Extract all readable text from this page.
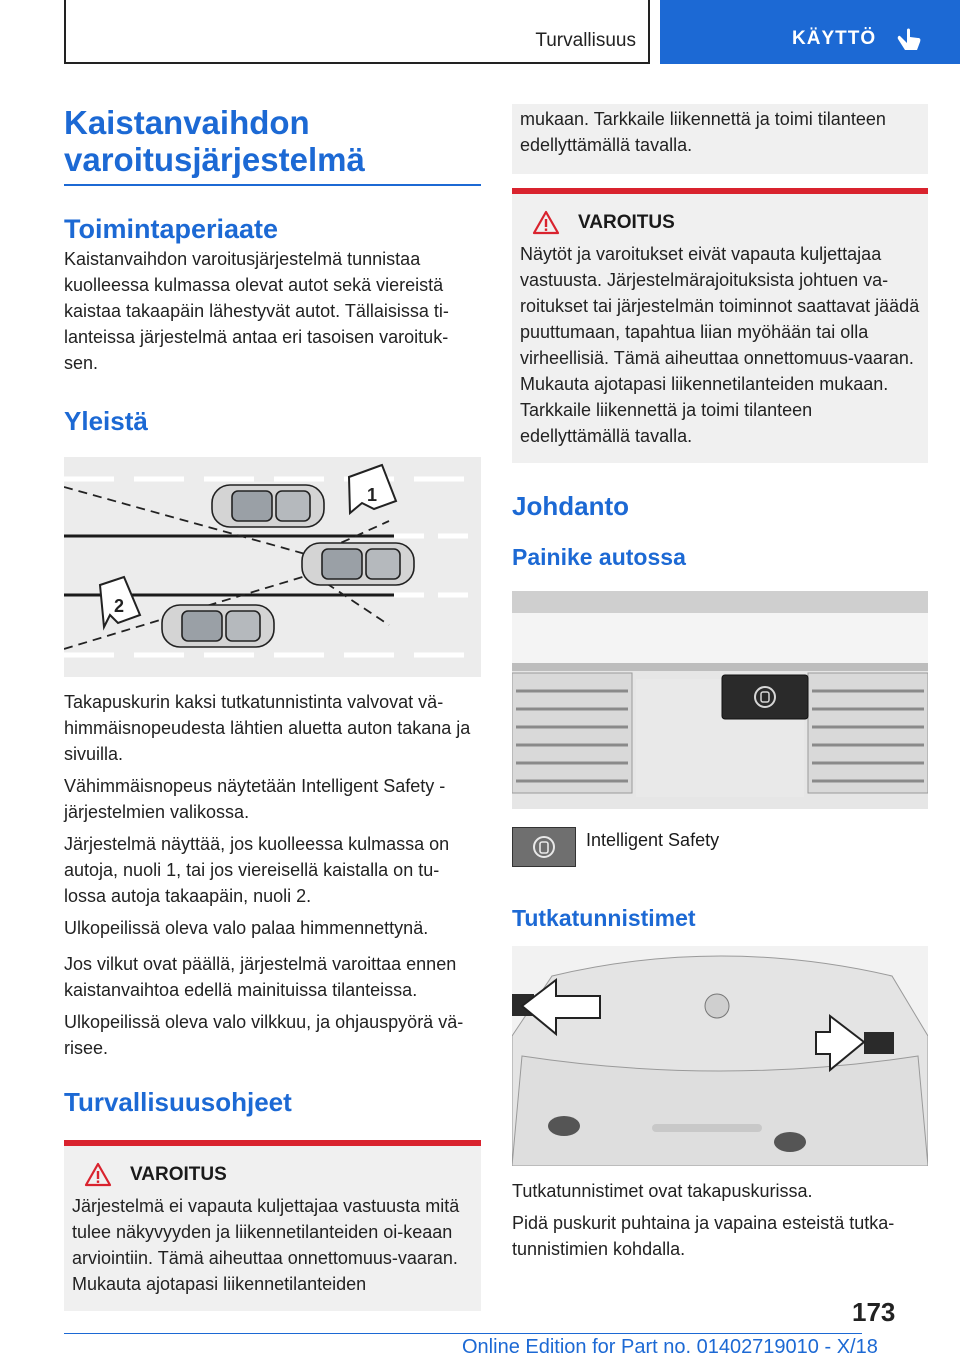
Turvallisuus	KÄYTTÖ
Kaistanvaihdon
varoitusjärjestelmä
Toimintaperiaate

Kaistanvaihdon varoitusjärjestelmä tunnistaa kuolleessa kulmassa olevat autot sekä viereistä kaistaa takaapäin lähestyvät autot. Tällaisissa ti-lanteissa järjestelmä antaa eri tasoisen varoituk-sen.

Yleistä
1
2

Takapuskurin kaksi tutkatunnistinta valvovat vä-himmäisnopeudesta lähtien aluetta auton takana ja sivuilla.

Vähimmäisnopeus näytetään Intelligent Safety -järjestelmien valikossa.

Järjestelmä näyttää, jos kuolleessa kulmassa on autoja, nuoli 1, tai jos viereisellä kaistalla on tu-lossa autoja takaapäin, nuoli 2.

Ulkopeilissä oleva valo palaa himmennettynä.

Jos vilkut ovat päällä, järjestelmä varoittaa ennen kaistanvaihtoa edellä mainituissa tilanteissa.

Ulkopeilissä oleva valo vilkkuu, ja ohjauspyörä vä-risee.

Turvallisuusohjeet
VAROITUS

Järjestelmä ei vapauta kuljettajaa vastuusta mitä tulee näkyvyyden ja liikennetilanteiden oi-keaan arviointiin. Tämä aiheuttaa onnettomuus-vaaran. Mukauta ajotapasi liikennetilanteiden

mukaan. Tarkkaile liikennettä ja toimi tilanteen edellyttämällä tavalla.

VAROITUS

Näytöt ja varoitukset eivät vapauta kuljettajaa vastuusta. Järjestelmärajoituksista johtuen va-roitukset tai järjestelmän toiminnot saattavat jäädä puuttumaan, tapahtua liian myöhään tai olla virheellisiä. Tämä aiheuttaa onnettomuus-vaaran. Mukauta ajotapasi liikennetilanteiden mukaan. Tarkkaile liikennettä ja toimi tilanteen edellyttämällä tavalla.

Johdanto
Painike autossa
Intelligent Safety
Tutkatunnistimet

Tutkatunnistimet ovat takapuskurissa.

Pidä puskurit puhtaina ja vapaina esteistä tutka-tunnistimien kohdalla.

173
Online Edition for Part no. 01402719010 - X/18
